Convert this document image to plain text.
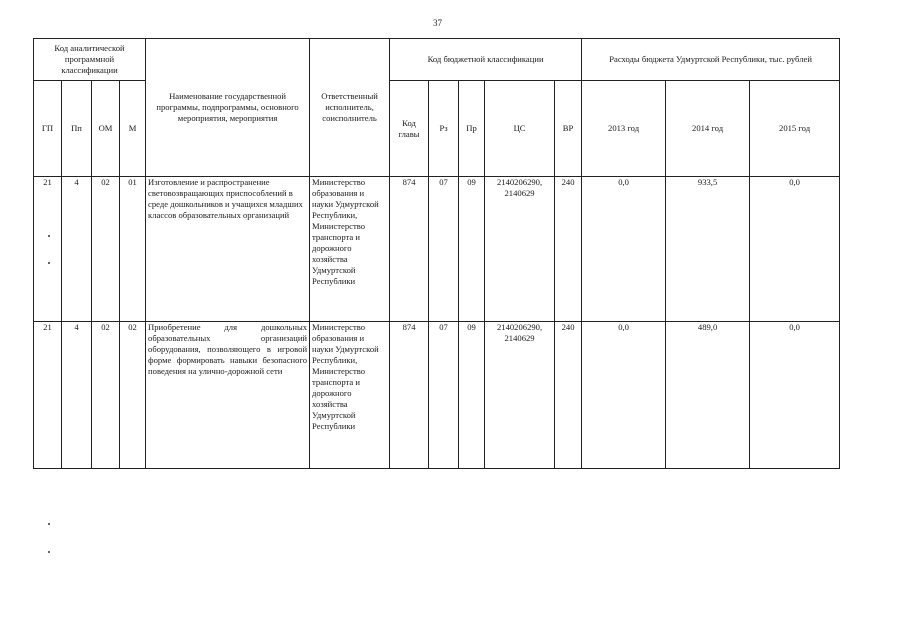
37
Код аналитической программной классификации				Наименование государственной программы, подпрограммы, основного мероприятия, мероприятия	Ответственный исполнитель, соисполнитель	Код бюджетной классификации					Расходы бюджета Удмуртской Республики, тыс. рублей		
ГП	Пп	ОМ	М			Код главы	Рз	Пр	ЦС	ВР	2013 год	2014 год	2015 год
21	4	02	01	Изготовление и распространение световозвращающих приспособлений в среде дошкольников и учащихся младших классов образовательных организаций	Министерство образования и науки Удмуртской Республики, Министерство транспорта и дорожного хозяйства Удмуртской Республики	874	07	09	2140206290, 2140629	240	0,0	933,5	0,0
21	4	02	02	Приобретение для дошкольных образовательных организаций оборудования, позволяющего в игровой форме формировать навыки безопасного поведения на улично-дорожной сети	Министерство образования и науки Удмуртской Республики, Министерство транспорта и дорожного хозяйства Удмуртской Республики	874	07	09	2140206290, 2140629	240	0,0	489,0	0,0
